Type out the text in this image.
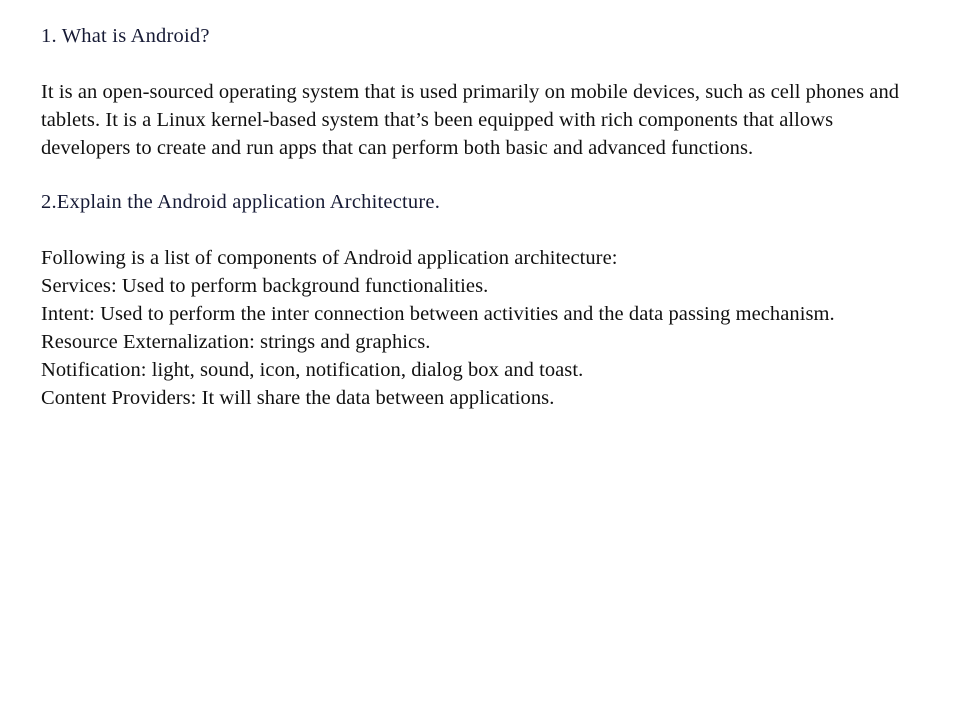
1. What is Android?

It is an open-sourced operating system that is used primarily on mobile devices, such as cell phones and tablets. It is a Linux kernel-based system that’s been equipped with rich components that allows developers to create and run apps that can perform both basic and advanced functions.

2.Explain the Android application Architecture.
Following is a list of components of Android application architecture:
Services: Used to perform background functionalities.
Intent: Used to perform the inter connection between activities and the data passing mechanism.
Resource Externalization: strings and graphics.
Notification: light, sound, icon, notification, dialog box and toast.
Content Providers: It will share the data between applications.
